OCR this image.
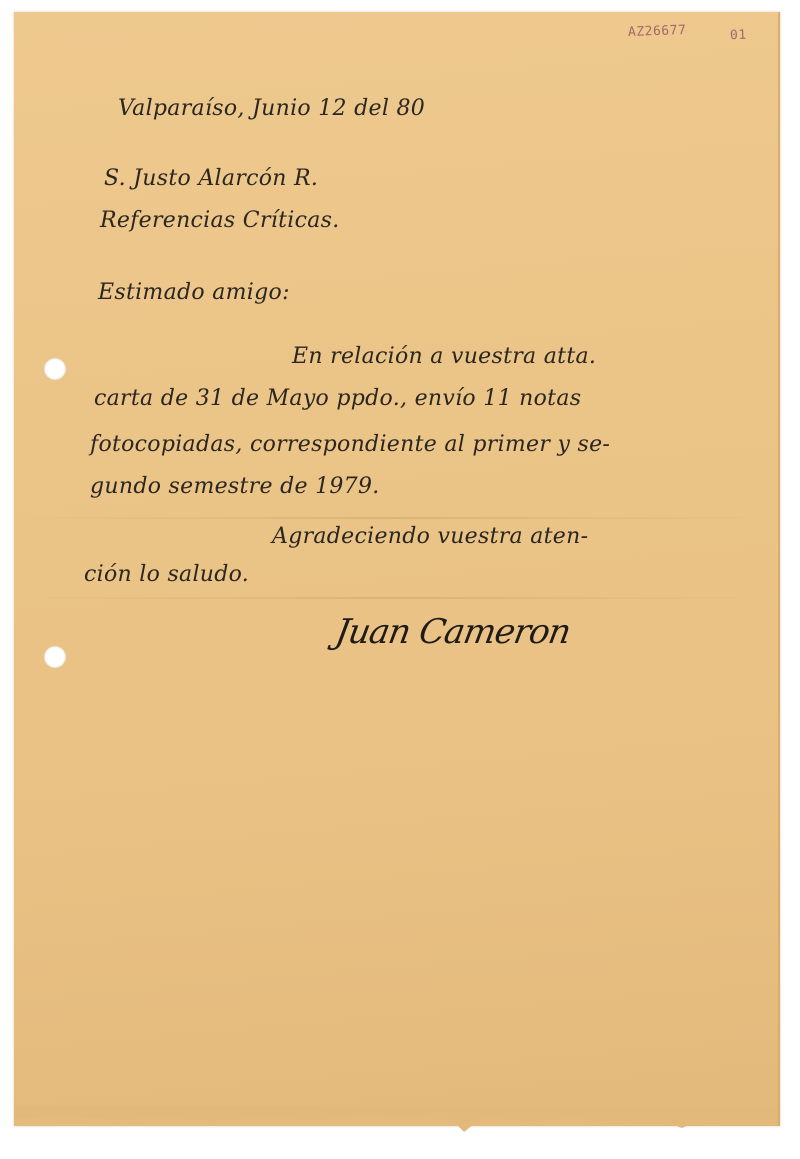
AZ26677	01
Valparaíso, Junio 12 del 80
S. Justo Alarcón R.
Referencias Críticas.
Estimado amigo:
En relación a vuestra atta.
carta de 31 de Mayo ppdo., envío 11 notas
fotocopiadas, correspondiente al primer y se-
gundo semestre de 1979.
Agradeciendo vuestra aten-
ción lo saludo.
Juan Cameron
